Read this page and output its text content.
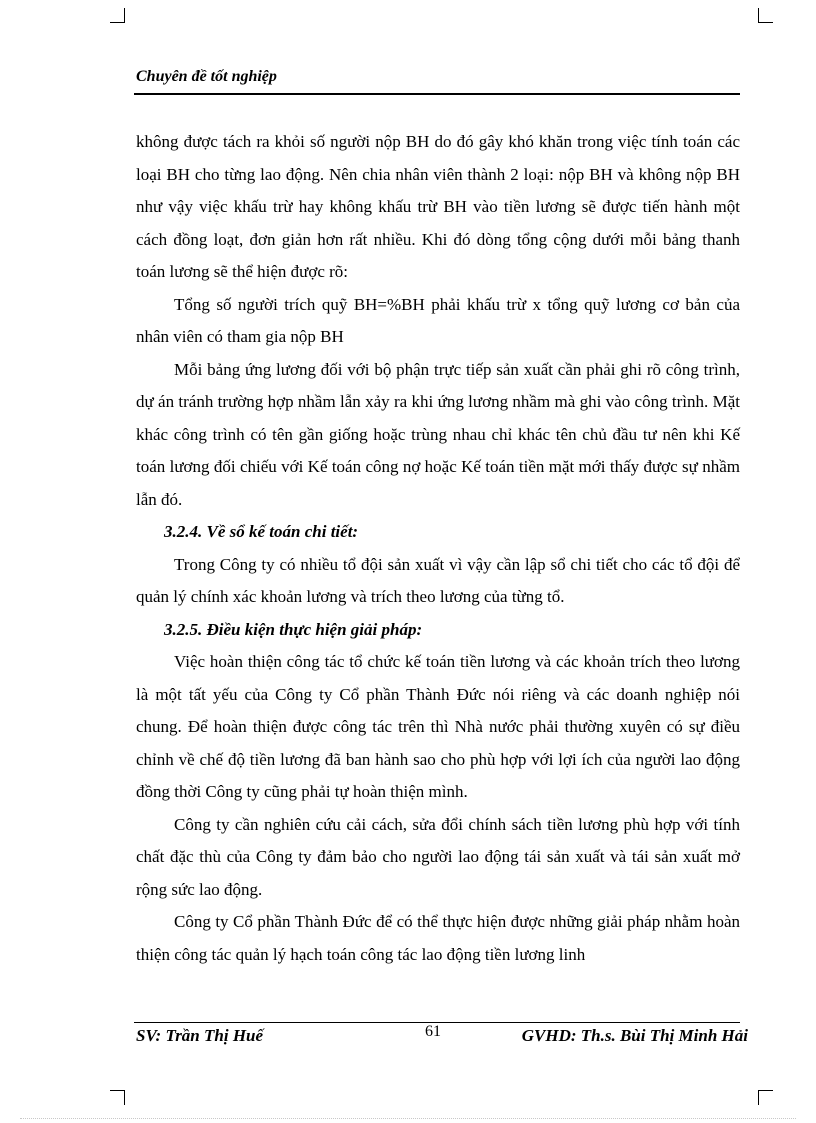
Chuyên đề tốt nghiệp

không được tách ra khỏi số người nộp BH do đó gây khó khăn trong việc tính toán các loại BH cho từng lao động. Nên chia nhân viên thành 2 loại: nộp BH và không nộp BH như vậy việc khấu trừ hay không khấu trừ BH vào tiền lương sẽ được tiến hành một cách đồng loạt, đơn giản hơn rất nhiều. Khi đó dòng tổng cộng dưới mỗi bảng thanh toán lương sẽ thể hiện được rõ:

Tổng số người trích quỹ BH=%BH phải khấu trừ x tổng quỹ lương cơ bản của nhân viên có tham gia nộp BH

Mỗi bảng ứng lương đối với bộ phận trực tiếp sản xuất cần phải ghi rõ công trình, dự án tránh trường hợp nhầm lẫn xảy ra khi ứng lương nhầm mà ghi vào công trình. Mặt khác công trình có tên gần giống hoặc trùng nhau chỉ khác tên chủ đầu tư nên khi Kế toán lương đối chiếu với Kế toán công nợ hoặc Kế toán tiền mặt mới thấy được sự nhầm lẫn đó.

3.2.4. Về sổ kế toán chi tiết:

Trong Công ty có nhiều tổ đội sản xuất vì vậy cần lập sổ chi tiết cho các tổ đội để quản lý chính xác khoản lương và trích theo lương của từng tổ.

3.2.5. Điều kiện thực hiện giải pháp:

Việc hoàn thiện công tác tổ chức kế toán tiền lương và các khoản trích theo lương là một tất yếu của Công ty Cổ phần Thành Đức nói riêng và các doanh nghiệp nói chung. Để hoàn thiện được công tác trên thì Nhà nước phải thường xuyên có sự điều chỉnh về chế độ tiền lương đã ban hành sao cho phù hợp với lợi ích của người lao động đồng thời Công ty cũng phải tự hoàn thiện mình.

Công ty cần nghiên cứu cải cách, sửa đổi chính sách tiền lương phù hợp với tính chất đặc thù của Công ty đảm bảo cho người lao động tái sản xuất và tái sản xuất mở rộng sức lao động.

Công ty Cổ phần Thành Đức để có thể thực hiện được những giải pháp nhằm hoàn thiện công tác quản lý hạch toán công tác lao động tiền lương linh

SV: Trần Thị Huế	61	GVHD: Th.s. Bùi Thị Minh Hải
